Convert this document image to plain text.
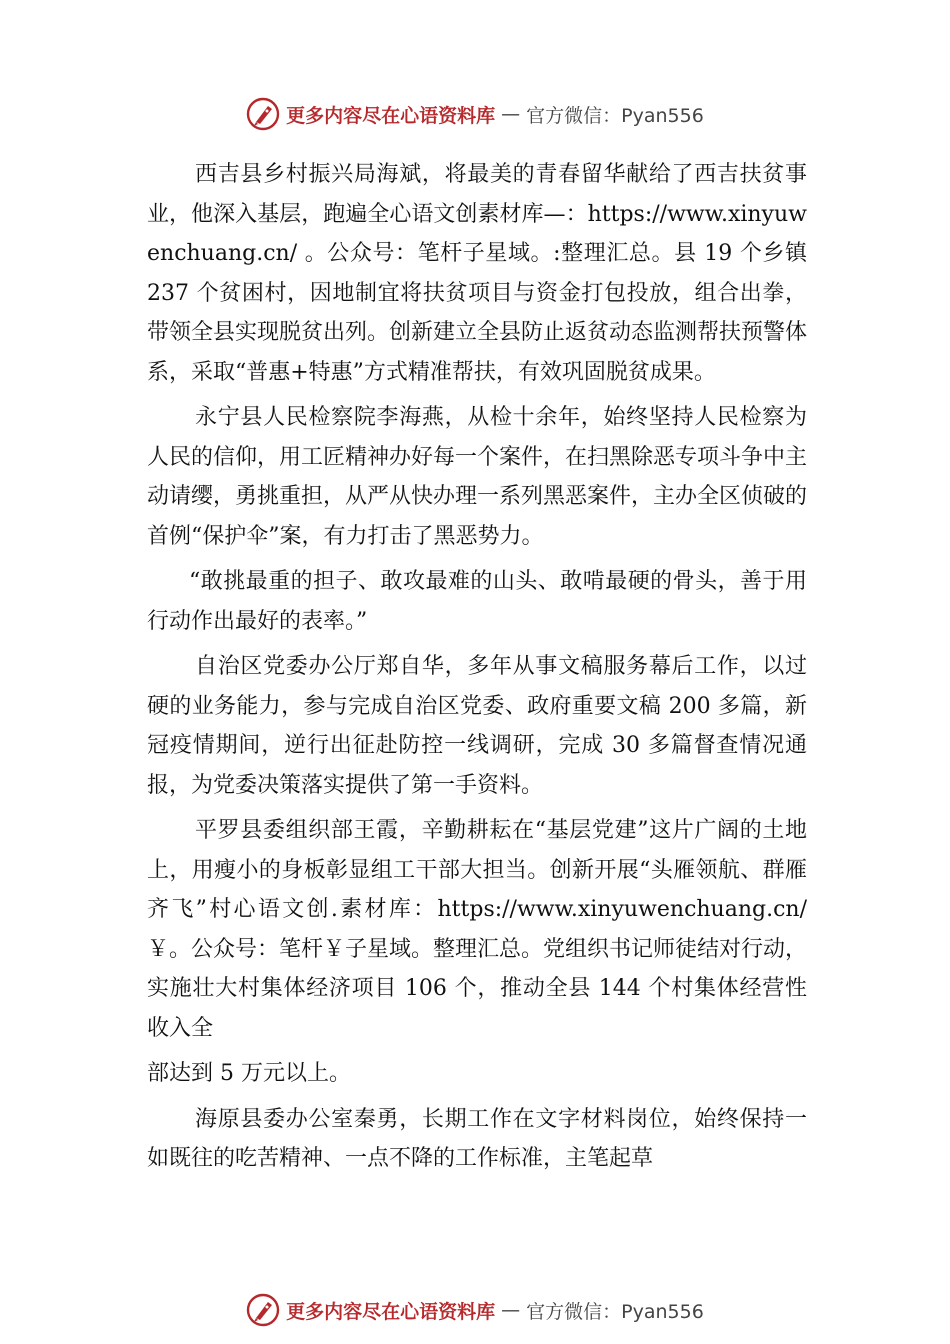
更多内容尽在心语资料库 — 官方微信：Pyan556

西吉县乡村振兴局海斌，将最美的青春留华献给了西吉扶贫事业，他深入基层，跑遍全心语文创素材库—：https://www.xinyuwenchuang.cn/ 。公众号：笔杆子星域。:整理汇总。县 19 个乡镇 237 个贫困村，因地制宜将扶贫项目与资金打包投放，组合出拳，带领全县实现脱贫出列。创新建立全县防止返贫动态监测帮扶预警体系，采取“普惠+特惠”方式精准帮扶，有效巩固脱贫成果。

永宁县人民检察院李海燕，从检十余年，始终坚持人民检察为人民的信仰，用工匠精神办好每一个案件，在扫黑除恶专项斗争中主动请缨，勇挑重担，从严从快办理一系列黑恶案件，主办全区侦破的首例“保护伞”案，有力打击了黑恶势力。

“敢挑最重的担子、敢攻最难的山头、敢啃最硬的骨头，善于用行动作出最好的表率。”

自治区党委办公厅郑自华，多年从事文稿服务幕后工作，以过硬的业务能力，参与完成自治区党委、政府重要文稿 200 多篇，新冠疫情期间，逆行出征赴防控一线调研，完成 30 多篇督查情况通报，为党委决策落实提供了第一手资料。

平罗县委组织部王霞，辛勤耕耘在“基层党建”这片广阔的土地上，用瘦小的身板彰显组工干部大担当。创新开展“头雁领航、群雁齐飞”村心语文创.素材库：https://www.xinyuwenchuang.cn/￥。公众号：笔杆￥子星域。整理汇总。党组织书记师徒结对行动，实施壮大村集体经济项目 106 个，推动全县 144 个村集体经营性收入全

部达到 5 万元以上。

海原县委办公室秦勇，长期工作在文字材料岗位，始终保持一如既往的吃苦精神、一点不降的工作标准，主笔起草

更多内容尽在心语资料库 — 官方微信：Pyan556
